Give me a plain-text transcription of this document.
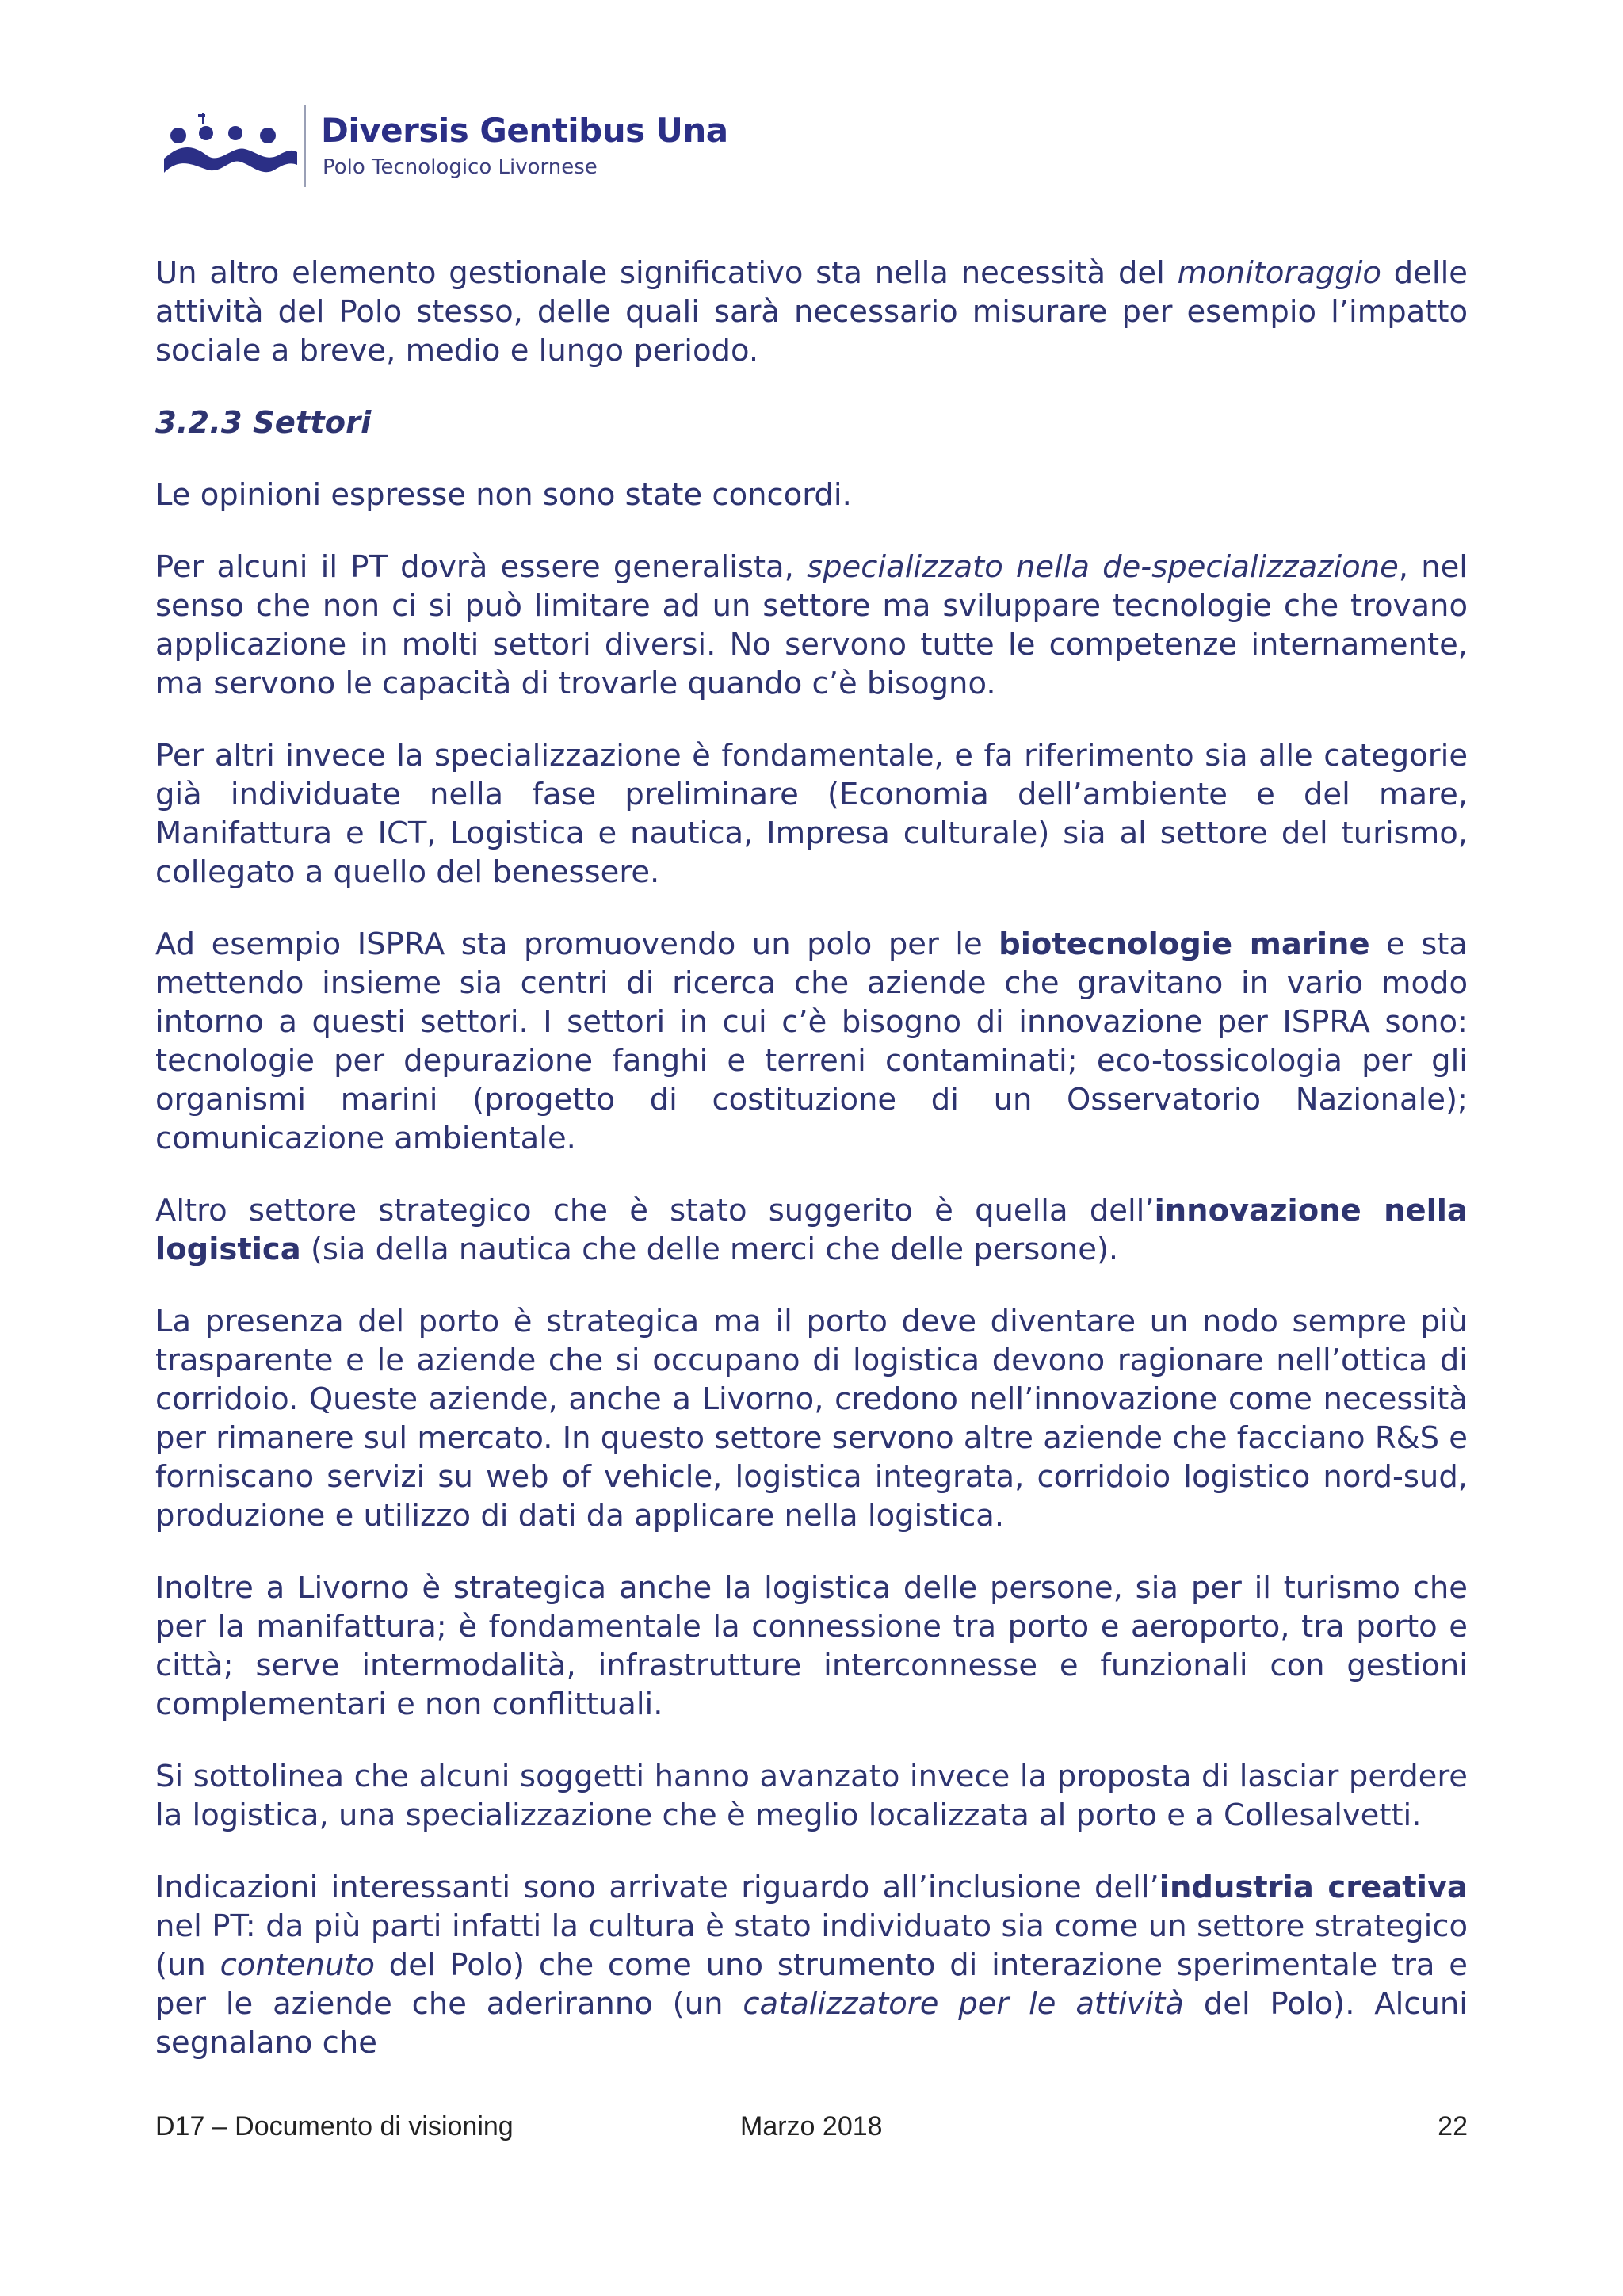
Diversis Gentibus Una
Polo Tecnologico Livornese

Un altro elemento gestionale significativo sta nella necessità del monitoraggio delle attività del Polo stesso, delle quali sarà necessario misurare per esempio l’impatto sociale a breve, medio e lungo periodo.

3.2.3 Settori

Le opinioni espresse non sono state concordi.

Per alcuni il PT dovrà essere generalista, specializzato nella de-specializzazione, nel senso che non ci si può limitare ad un settore ma sviluppare tecnologie che trovano applicazione in molti settori diversi. No servono tutte le competenze internamente, ma servono le capacità di trovarle quando c’è bisogno.

Per altri invece la specializzazione è fondamentale, e fa riferimento sia alle categorie già individuate nella fase preliminare (Economia dell’ambiente e del mare, Manifattura e ICT, Logistica e nautica, Impresa culturale) sia al settore del turismo, collegato a quello del benessere.

Ad esempio ISPRA sta promuovendo un polo per le biotecnologie marine e sta mettendo insieme sia centri di ricerca che aziende che gravitano in vario modo intorno a questi settori. I settori in cui c’è bisogno di innovazione per ISPRA sono: tecnologie per depurazione fanghi e terreni contaminati; eco-tossicologia per gli organismi marini (progetto di costituzione di un Osservatorio Nazionale); comunicazione ambientale.

Altro settore strategico che è stato suggerito è quella dell’innovazione nella logistica (sia della nautica che delle merci che delle persone).

La presenza del porto è strategica ma il porto deve diventare un nodo sempre più trasparente e le aziende che si occupano di logistica devono ragionare nell’ottica di corridoio. Queste aziende, anche a Livorno, credono nell’innovazione come necessità per rimanere sul mercato. In questo settore servono altre aziende che facciano R&S e forniscano servizi su web of vehicle, logistica integrata, corridoio logistico nord-sud, produzione e utilizzo di dati da applicare nella logistica.

Inoltre a Livorno è strategica anche la logistica delle persone, sia per il turismo che per la manifattura; è fondamentale la connessione tra porto e aeroporto, tra porto e città; serve intermodalità, infrastrutture interconnesse e funzionali con gestioni complementari e non conflittuali.

Si sottolinea che alcuni soggetti hanno avanzato invece la proposta di lasciar perdere la logistica, una specializzazione che è meglio localizzata al porto e a Collesalvetti.

Indicazioni interessanti sono arrivate riguardo all’inclusione dell’industria creativa nel PT: da più parti infatti la cultura è stato individuato sia come un settore strategico (un contenuto del Polo) che come uno strumento di interazione sperimentale tra e per le aziende che aderiranno (un catalizzatore per le attività del Polo). Alcuni segnalano che

D17 – Documento di visioning	Marzo 2018	22
